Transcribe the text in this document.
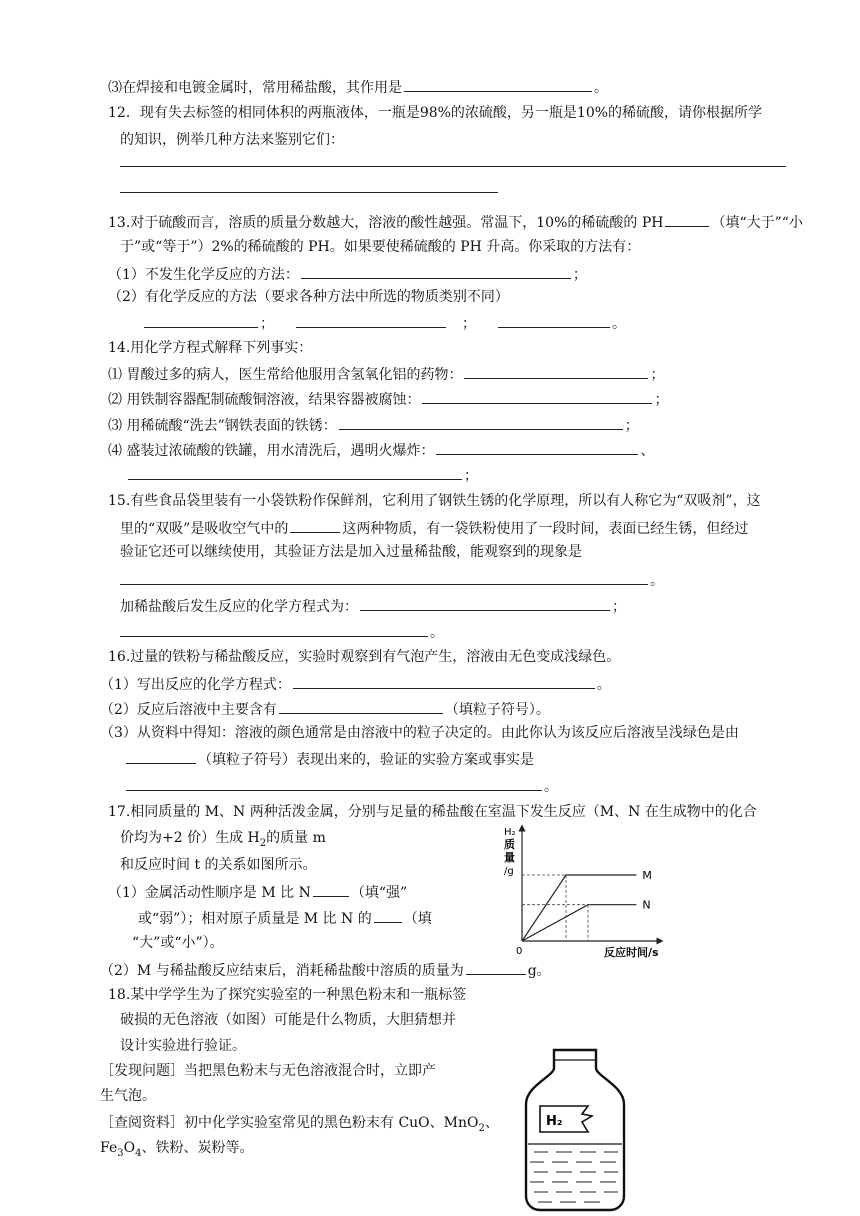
⑶在焊接和电镀金属时，常用稀盐酸，其作用是	。
12．现有失去标签的相同体积的两瓶液体，一瓶是98%的浓硫酸，另一瓶是10%的稀硫酸，请你根据所学
的知识，例举几种方法来鉴别它们：
13.对于硫酸而言，溶质的质量分数越大，溶液的酸性越强。常温下，10%的稀硫酸的 PH	（填“大于”“小
于”或“等于”）2%的稀硫酸的 PH。如果要使稀硫酸的 PH 升高。你采取的方法有：
（1）不发生化学反应的方法：	；
（2）有化学反应的方法（要求各种方法中所选的物质类别不同）
；	；	。
14.用化学方程式解释下列事实：
⑴ 胃酸过多的病人，医生常给他服用含氢氧化铝的药物：	；
⑵ 用铁制容器配制硫酸铜溶液，结果容器被腐蚀：	；
⑶ 用稀硫酸“洗去”钢铁表面的铁锈：	；
⑷ 盛装过浓硫酸的铁罐，用水清洗后，遇明火爆炸：	、
；
15.有些食品袋里装有一小袋铁粉作保鲜剂，它利用了钢铁生锈的化学原理，所以有人称它为“双吸剂”，这
里的“双吸”是吸收空气中的	这两种物质，有一袋铁粉使用了一段时间，表面已经生锈，但经过
验证它还可以继续使用，其验证方法是加入过量稀盐酸，能观察到的现象是
。
加稀盐酸后发生反应的化学方程式为：	；
。
16.过量的铁粉与稀盐酸反应，实验时观察到有气泡产生，溶液由无色变成浅绿色。
（1）写出反应的化学方程式：	。
（2）反应后溶液中主要含有	（填粒子符号）。
（3）从资料中得知：溶液的颜色通常是由溶液中的粒子决定的。由此你认为该反应后溶液呈浅绿色是由
（填粒子符号）表现出来的，验证的实验方案或事实是
。
17.相同质量的 M、N 两种活泼金属，分别与足量的稀盐酸在室温下发生反应（M、N 在生成物中的化合
价均为+2 价）生成 $H_2$的质量 m
和反应时间 t 的关系如图所示。
（1）金属活动性顺序是 M 比 N	（填“强”
或“弱”）；相对原子质量是 M 比 N 的 （填
“大”或“小”）。
（2）M 与稀盐酸反应结束后，消耗稀盐酸中溶质的质量为	g。
H₂
质
量
/g
0	反应时间/s
M
N
18.某中学学生为了探究实验室的一种黑色粉末和一瓶标签
破损的无色溶液（如图）可能是什么物质，大胆猜想并
设计实验进行验证。
［发现问题］当把黑色粉末与无色溶液混合时，立即产
生气泡。
［查阅资料］初中化学实验室常见的黑色粉末有 CuO、MnO$_2$、
$Fe_3O_4$、铁粉、炭粉等。
H₂
